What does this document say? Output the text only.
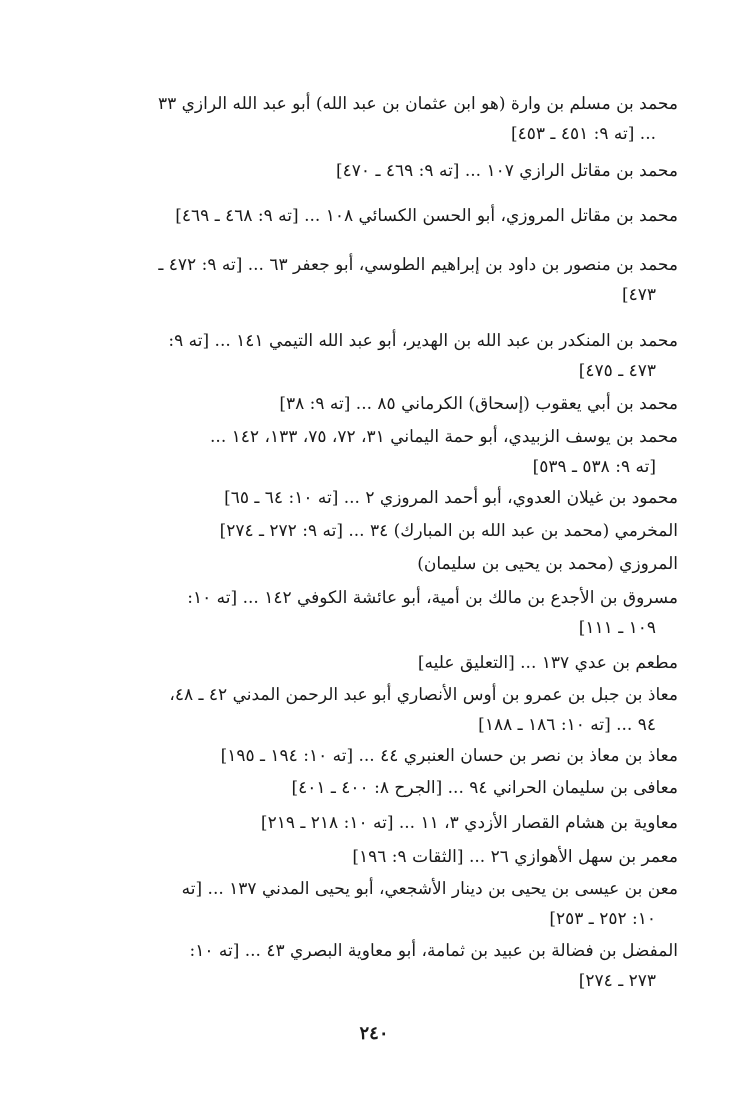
محمد بن مسلم بن وارة (هو ابن عثمان بن عبد الله) أبو عبد الله الرازي ٣٣
... [ته ٩: ٤٥١ ـ ٤٥٣]

محمد بن مقاتل الرازي ١٠٧ ... [ته ٩: ٤٦٩ ـ ٤٧٠]

محمد بن مقاتل المروزي، أبو الحسن الكسائي ١٠٨ ... [ته ٩: ٤٦٨ ـ ٤٦٩]

محمد بن منصور بن داود بن إبراهيم الطوسي، أبو جعفر ٦٣ ... [ته ٩: ٤٧٢ ـ
٤٧٣]

محمد بن المنكدر بن عبد الله بن الهدير، أبو عبد الله التيمي ١٤١ ... [ته ٩:
٤٧٣ ـ ٤٧٥]

محمد بن أبي يعقوب (إسحاق) الكرماني ٨٥ ... [ته ٩: ٣٨]

محمد بن يوسف الزبيدي، أبو حمة اليماني ٣١، ٧٢، ٧٥، ١٣٣، ١٤٢ ...
[ته ٩: ٥٣٨ ـ ٥٣٩]

محمود بن غيلان العدوي، أبو أحمد المروزي ٢ ... [ته ١٠: ٦٤ ـ ٦٥]

المخرمي (محمد بن عبد الله بن المبارك) ٣٤ ... [ته ٩: ٢٧٢ ـ ٢٧٤]

المروزي (محمد بن يحيى بن سليمان)

مسروق بن الأجدع بن مالك بن أمية، أبو عائشة الكوفي ١٤٢ ... [ته ١٠:
١٠٩ ـ ١١١]

مطعم بن عدي ١٣٧ ... [التعليق عليه]

معاذ بن جبل بن عمرو بن أوس الأنصاري أبو عبد الرحمن المدني ٤٢ ـ ٤٨،
٩٤ ... [ته ١٠: ١٨٦ ـ ١٨٨]

معاذ بن معاذ بن نصر بن حسان العنبري ٤٤ ... [ته ١٠: ١٩٤ ـ ١٩٥]

معافى بن سليمان الحراني ٩٤ ... [الجرح ٨: ٤٠٠ ـ ٤٠١]

معاوية بن هشام القصار الأزدي ٣، ١١ ... [ته ١٠: ٢١٨ ـ ٢١٩]

معمر بن سهل الأهوازي ٢٦ ... [الثقات ٩: ١٩٦]

معن بن عيسى بن يحيى بن دينار الأشجعي، أبو يحيى المدني ١٣٧ ... [ته
١٠: ٢٥٢ ـ ٢٥٣]

المفضل بن فضالة بن عبيد بن ثمامة، أبو معاوية البصري ٤٣ ... [ته ١٠:
٢٧٣ ـ ٢٧٤]

٢٤٠
